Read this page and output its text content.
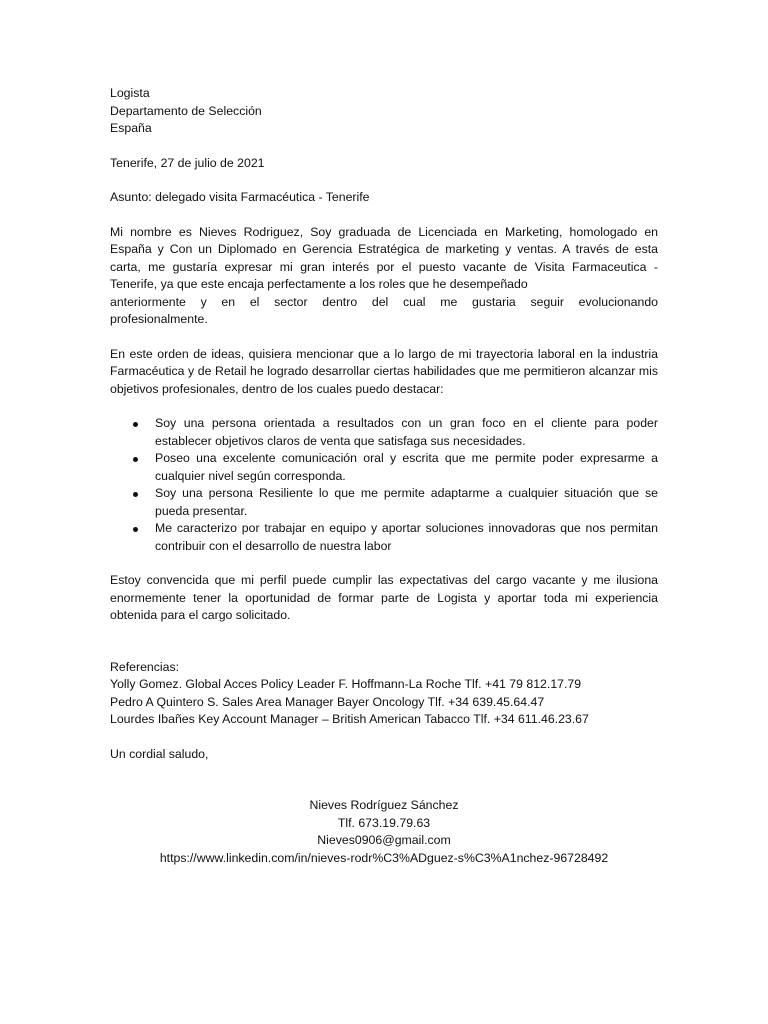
Logista
Departamento de Selección
España
Tenerife, 27 de julio de 2021
Asunto: delegado visita Farmacéutica - Tenerife
Mi nombre es Nieves Rodriguez, Soy graduada de Licenciada en Marketing, homologado en
España y Con un Diplomado en Gerencia Estratégica de marketing y ventas. A través de esta
carta, me gustaría expresar mi gran interés por el puesto vacante de Visita Farmaceutica -
Tenerife, ya que este encaja perfectamente a los roles que he desempeñado
anteriormente y en el sector dentro del cual me gustaria seguir evolucionando
profesionalmente.

En este orden de ideas, quisiera mencionar que a lo largo de mi trayectoria laboral en la industria Farmacéutica y de Retail he logrado desarrollar ciertas habilidades que me permitieron alcanzar mis objetivos profesionales, dentro de los cuales puedo destacar:

Soy una persona orientada a resultados con un gran foco en el cliente para poder establecer objetivos claros de venta que satisfaga sus necesidades.
Poseo una excelente comunicación oral y escrita que me permite poder expresarme a cualquier nivel según corresponda.
Soy una persona Resiliente lo que me permite adaptarme a cualquier situación que se pueda presentar.
Me caracterizo por trabajar en equipo y aportar soluciones innovadoras que nos permitan contribuir con el desarrollo de nuestra labor

Estoy convencida que mi perfil puede cumplir las expectativas del cargo vacante y me ilusiona enormemente tener la oportunidad de formar parte de Logista y aportar toda mi experiencia obtenida para el cargo solicitado.

Referencias:
Yolly Gomez. Global Acces Policy Leader F. Hoffmann-La Roche Tlf. +41 79 812.17.79
Pedro A Quintero S. Sales Area Manager Bayer Oncology Tlf. +34 639.45.64.47
Lourdes Ibañes Key Account Manager – British American Tabacco Tlf. +34 611.46.23.67
Un cordial saludo,
Nieves Rodríguez Sánchez
Tlf. 673.19.79.63
Nieves0906@gmail.com
https://www.linkedin.com/in/nieves-rodr%C3%ADguez-s%C3%A1nchez-96728492
